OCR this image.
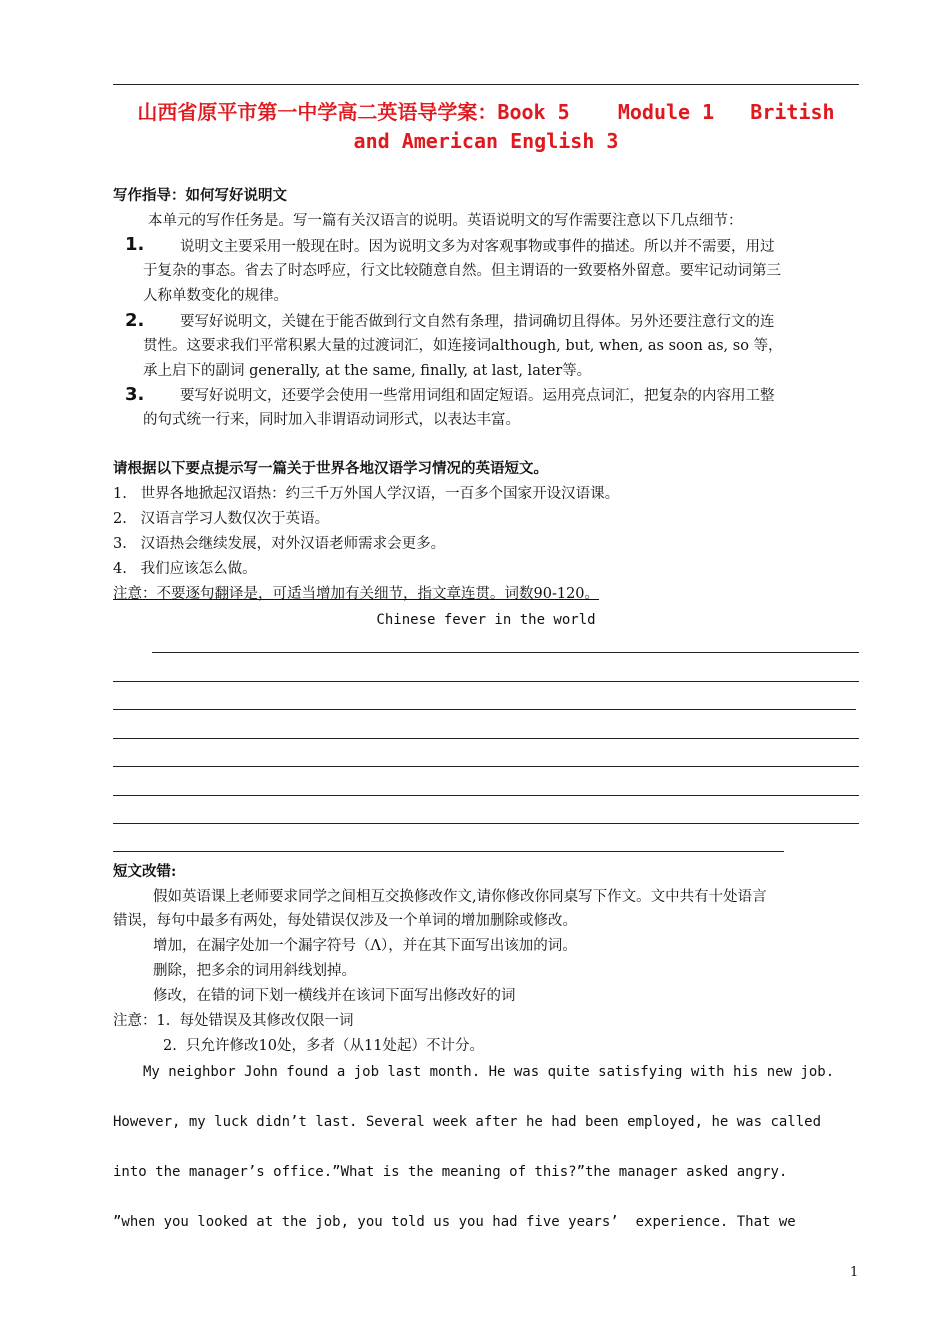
山西省原平市第一中学高二英语导学案：Book 5    Module 1   British
and American English 3
写作指导：如何写好说明文
本单元的写作任务是。写一篇有关汉语言的说明。英语说明文的写作需要注意以下几点细节：
1. 说明文主要采用一般现在时。因为说明文多为对客观事物或事件的描述。所以并不需要，用过
于复杂的事态。省去了时态呼应，行文比较随意自然。但主谓语的一致要格外留意。要牢记动词第三
人称单数变化的规律。
2. 要写好说明文，关键在于能否做到行文自然有条理，措词确切且得体。另外还要注意行文的连
贯性。这要求我们平常积累大量的过渡词汇，如连接词although, but, when, as soon as, so 等，
承上启下的副词 generally, at the same, finally, at last, later等。
3. 要写好说明文，还要学会使用一些常用词组和固定短语。运用亮点词汇，把复杂的内容用工整
的句式统一行来，同时加入非谓语动词形式，以表达丰富。
请根据以下要点提示写一篇关于世界各地汉语学习情况的英语短文。
1.   世界各地掀起汉语热：约三千万外国人学汉语，一百多个国家开设汉语课。
2.   汉语言学习人数仅次于英语。
3.   汉语热会继续发展，对外汉语老师需求会更多。
4.   我们应该怎么做。
注意：不要逐句翻译是，可适当增加有关细节，指文章连贯。词数90-120。
Chinese fever in the world
短文改错:
假如英语课上老师要求同学之间相互交换修改作文,请你修改你同桌写下作文。文中共有十处语言
错误，每句中最多有两处，每处错误仅涉及一个单词的增加删除或修改。
增加，在漏字处加一个漏字符号（Λ），并在其下面写出该加的词。
删除，把多余的词用斜线划掉。
修改，在错的词下划一横线并在该词下面写出修改好的词
注意：1.  每处错误及其修改仅限一词
2.  只允许修改10处，多者（从11处起）不计分。
My neighbor John found a job last month. He was quite satisfying with his new job.
However, my luck didn’t last. Several week after he had been employed, he was called
into the manager’s office.”What is the meaning of this?”the manager asked angry.
”when you looked at the job, you told us you had five years’  experience. That we
1
